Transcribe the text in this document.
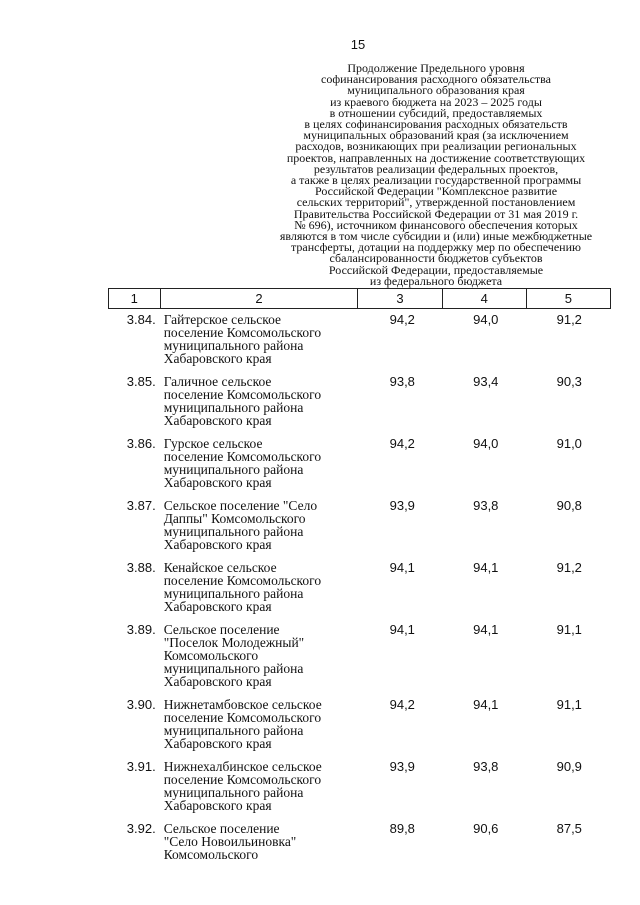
15
Продолжение Предельного уровня
софинансирования расходного обязательства
муниципального образования края
из краевого бюджета на 2023 – 2025 годы
в отношении субсидий, предоставляемых
в целях софинансирования расходных обязательств
муниципальных образований края (за исключением
расходов, возникающих при реализации региональных
проектов, направленных на достижение соответствующих
результатов реализации федеральных проектов,
а также в целях реализации государственной программы
Российской Федерации "Комплексное развитие
сельских территорий", утвержденной постановлением
Правительства Российской Федерации от 31 мая 2019 г.
№ 696), источником финансового обеспечения которых
являются в том числе субсидии и (или) иные межбюджетные
трансферты, дотации на поддержку мер по обеспечению
сбалансированности бюджетов субъектов
Российской Федерации, предоставляемые
из федерального бюджета
1	2	3	4	5
3.84. Гайтерское сельское
поселение Комсомольского
муниципального района
Хабаровского края
94,2	94,0	91,2
3.85. Галичное сельское
поселение Комсомольского
муниципального района
Хабаровского края
93,8	93,4	90,3
3.86. Гурское сельское
поселение Комсомольского
муниципального района
Хабаровского края
94,2	94,0	91,0
3.87. Сельское поселение "Село
Даппы" Комсомольского
муниципального района
Хабаровского края
93,9	93,8	90,8
3.88. Кенайское сельское
поселение Комсомольского
муниципального района
Хабаровского края
94,1	94,1	91,2
3.89. Сельское поселение
"Поселок Молодежный"
Комсомольского
муниципального района
Хабаровского края
94,1	94,1	91,1
3.90. Нижнетамбовское сельское
поселение Комсомольского
муниципального района
Хабаровского края
94,2	94,1	91,1
3.91. Нижнехалбинское сельское
поселение Комсомольского
муниципального района
Хабаровского края
93,9	93,8	90,9
3.92. Сельское поселение
"Село Новоильиновка"
Комсомольского
89,8	90,6	87,5
